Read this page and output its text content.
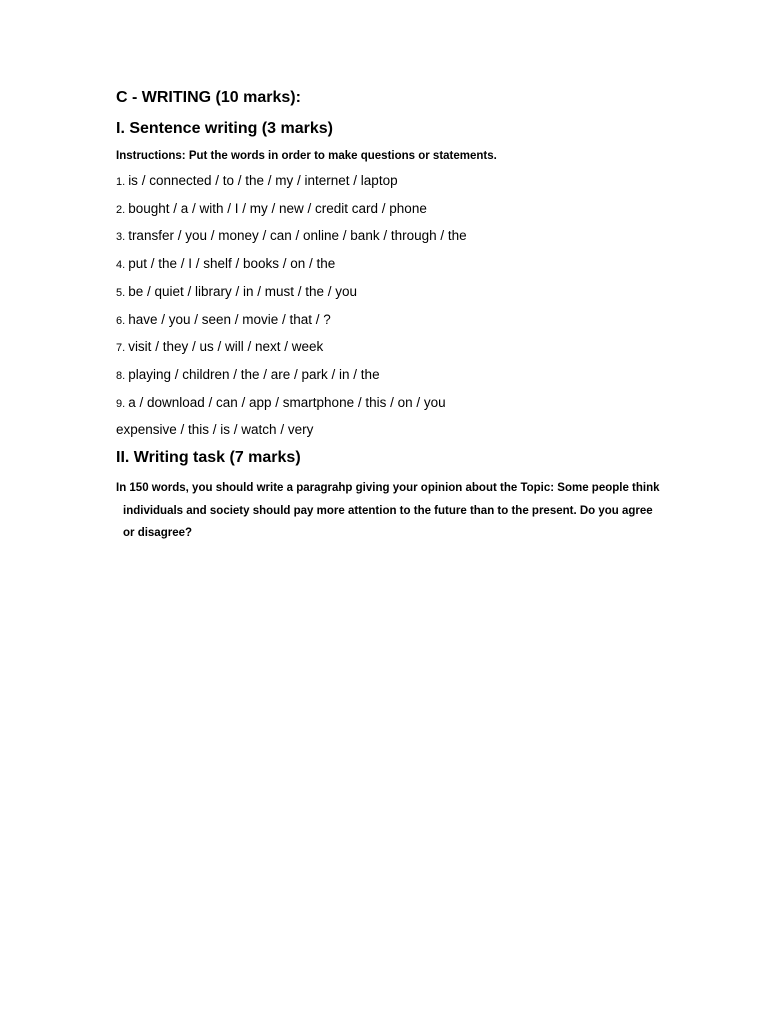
C - WRITING (10 marks):
I. Sentence writing (3 marks)

Instructions: Put the words in order to make questions or statements.

1. is / connected / to / the / my / internet / laptop
2. bought / a / with / I / my / new / credit card / phone
3. transfer / you / money / can / online / bank / through / the
4. put / the / I / shelf / books / on / the
5. be / quiet / library / in / must / the / you
6. have / you / seen / movie / that / ?
7. visit / they / us / will / next / week
8. playing / children / the / are / park / in / the
9. a / download / can / app / smartphone / this / on / you

expensive / this / is / watch / very

II. Writing task (7 marks)

In 150 words, you should write a paragrahp giving your opinion about the Topic: Some people think
individuals and society should pay more attention to the future than to the present. Do you agree
or disagree?
